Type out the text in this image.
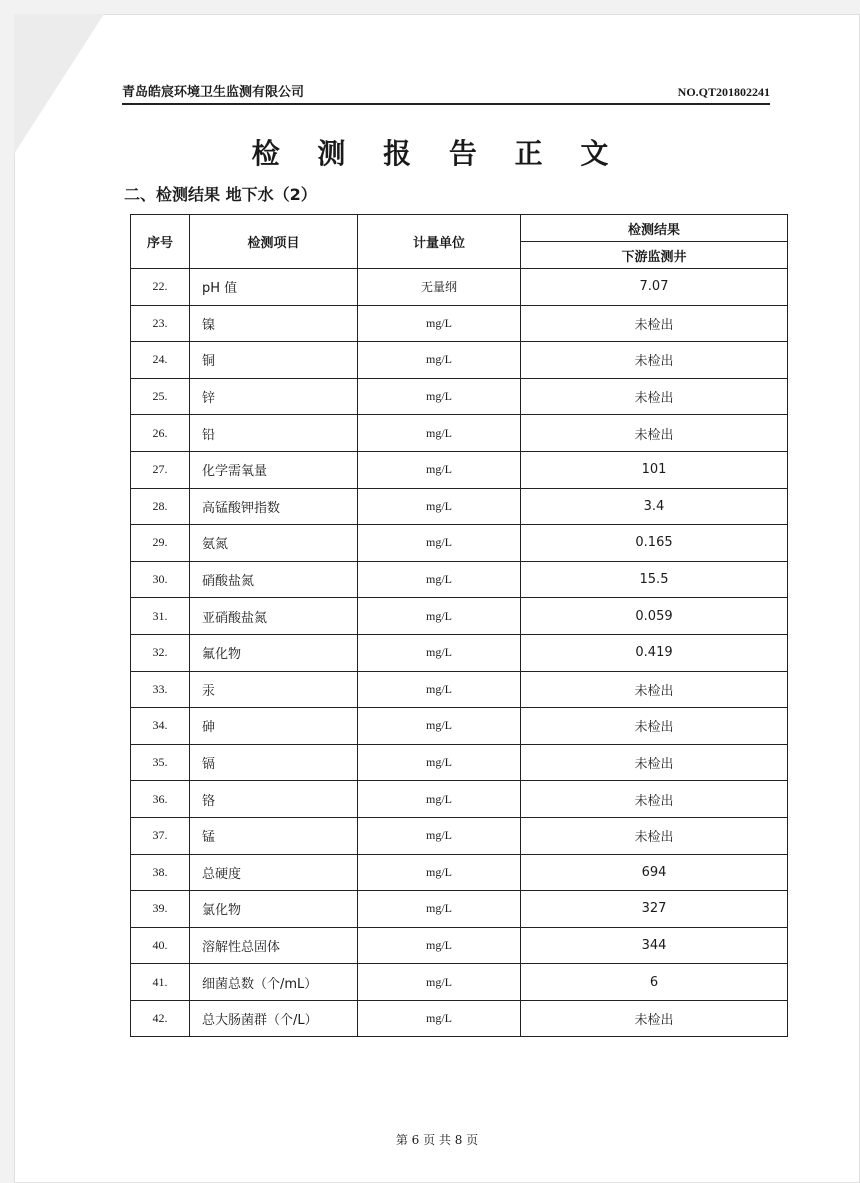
青岛皓宸环境卫生监测有限公司	NO.QT201802241
检 测 报 告 正 文
二、检测结果 地下水（2）
序号	检测项目	计量单位	检测结果
			下游监测井
22.	pH 值	无量纲	7.07
23.	镍	mg/L	未检出
24.	铜	mg/L	未检出
25.	锌	mg/L	未检出
26.	铅	mg/L	未检出
27.	化学需氧量	mg/L	101
28.	高锰酸钾指数	mg/L	3.4
29.	氨氮	mg/L	0.165
30.	硝酸盐氮	mg/L	15.5
31.	亚硝酸盐氮	mg/L	0.059
32.	氟化物	mg/L	0.419
33.	汞	mg/L	未检出
34.	砷	mg/L	未检出
35.	镉	mg/L	未检出
36.	铬	mg/L	未检出
37.	锰	mg/L	未检出
38.	总硬度	mg/L	694
39.	氯化物	mg/L	327
40.	溶解性总固体	mg/L	344
41.	细菌总数（个/mL）	mg/L	6
42.	总大肠菌群（个/L）	mg/L	未检出
第 6 页 共 8 页
